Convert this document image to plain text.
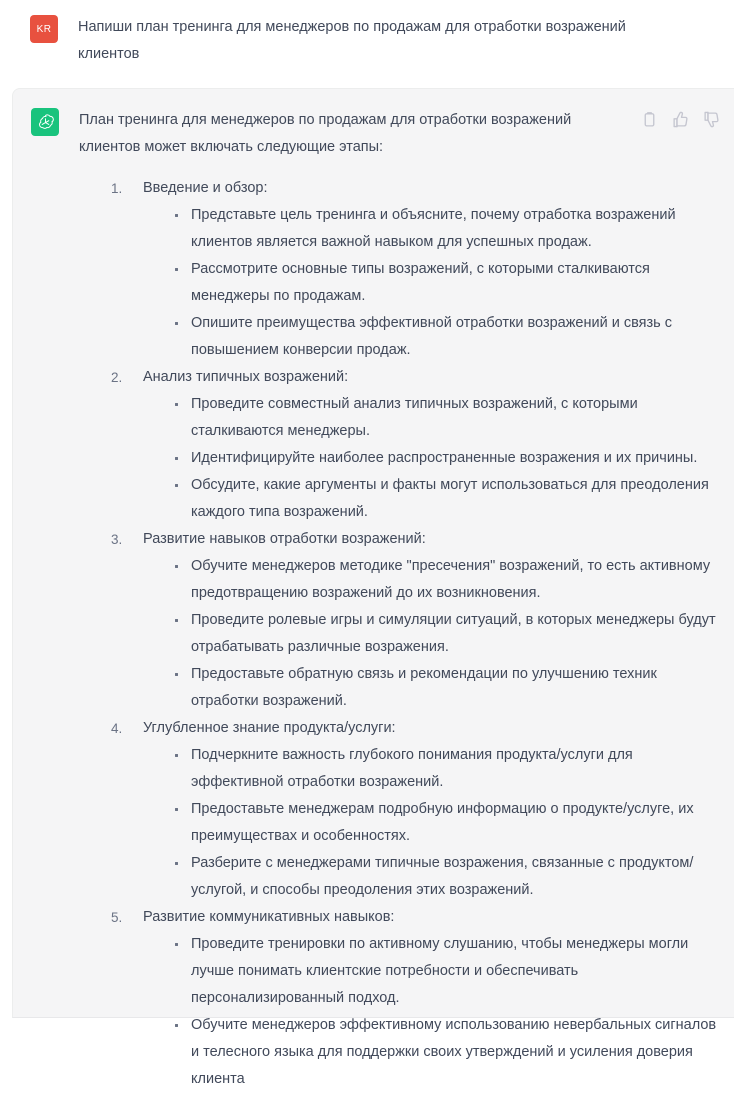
KR Напиши план тренинга для менеджеров по продажам для отработки возражений клиентов

План тренинга для менеджеров по продажам для отработки возражений клиентов может включать следующие этапы:

Введение и обзор:
Представьте цель тренинга и объясните, почему отработка возражений клиентов является важной навыком для успешных продаж.
Рассмотрите основные типы возражений, с которыми сталкиваются менеджеры по продажам.
Опишите преимущества эффективной отработки возражений и связь с повышением конверсии продаж.
Анализ типичных возражений:
Проведите совместный анализ типичных возражений, с которыми сталкиваются менеджеры.
Идентифицируйте наиболее распространенные возражения и их причины.
Обсудите, какие аргументы и факты могут использоваться для преодоления каждого типа возражений.
Развитие навыков отработки возражений:
Обучите менеджеров методике "пресечения" возражений, то есть активному предотвращению возражений до их возникновения.
Проведите ролевые игры и симуляции ситуаций, в которых менеджеры будут отрабатывать различные возражения.
Предоставьте обратную связь и рекомендации по улучшению техник отработки возражений.
Углубленное знание продукта/услуги:
Подчеркните важность глубокого понимания продукта/услуги для эффективной отработки возражений.
Предоставьте менеджерам подробную информацию о продукте/услуге, их преимуществах и особенностях.
Разберите с менеджерами типичные возражения, связанные с продуктом/услугой, и способы преодоления этих возражений.
Развитие коммуникативных навыков:
Проведите тренировки по активному слушанию, чтобы менеджеры могли лучше понимать клиентские потребности и обеспечивать персонализированный подход.
Обучите менеджеров эффективному использованию невербальных сигналов и телесного языка для поддержки своих утверждений и усиления доверия клиента
